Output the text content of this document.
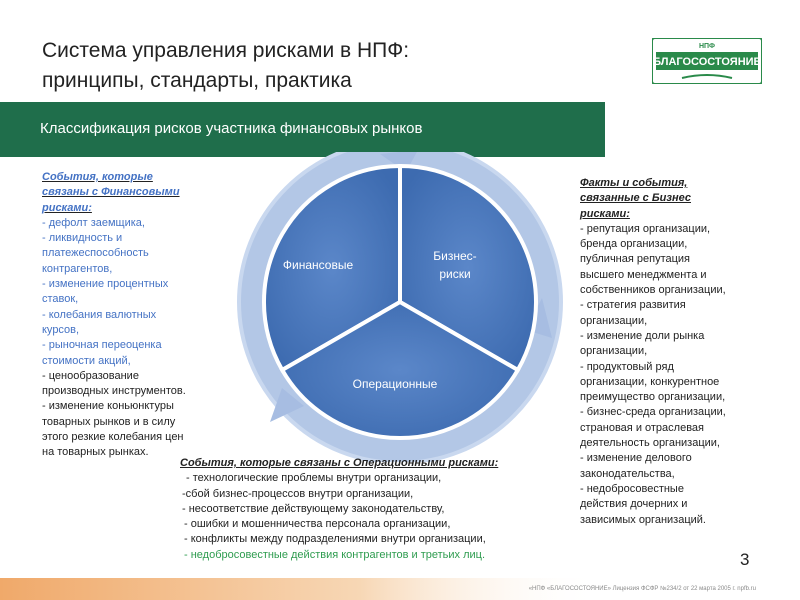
Система управления рисками в НПФ:
принципы, стандарты, практика
НПФ
БЛАГОСОСТОЯНИЕ
Классификация рисков участника финансовых рынков
События, которые
связаны с Финансовыми
рисками:
- дефолт заемщика,
- ликвидность и
платежеспособность
контрагентов,
- изменение процентных
ставок,
- колебания валютных
курсов,
- рыночная переоценка
стоимости акций,
- ценообразование
производных инструментов.
- изменение коньюнктуры
товарных рынков и в силу
этого резкие колебания цен
на товарных рынках.
Финансовые
Бизнес-
риски
Операционные
Факты и события,
связанные с Бизнес
рисками:
- репутация организации,
бренда организации,
публичная репутация
высшего менеджмента и
собственников организации,
- стратегия развития
организации,
- изменение доли рынка
организации,
- продуктовый ряд
организации, конкурентное
преимущество организации,
- бизнес-среда организации,
страновая и отраслевая
деятельность организации,
- изменение делового
законодательства,
- недобросовестные
действия дочерних и
зависимых организаций.
События, которые связаны с Операционными рисками:
- технологические проблемы внутри организации,
-сбой бизнес-процессов внутри организации,
- несоответствие действующему законодательству,
- ошибки и мошенничества персонала организации,
- конфликты между подразделениями внутри организации,
- недобросовестные действия контрагентов и третьих лиц.	3
«НПФ «БЛАГОСОСТОЯНИЕ» Лицензия ФСФР №234/2 от 22 марта 2005 г. npfb.ru
